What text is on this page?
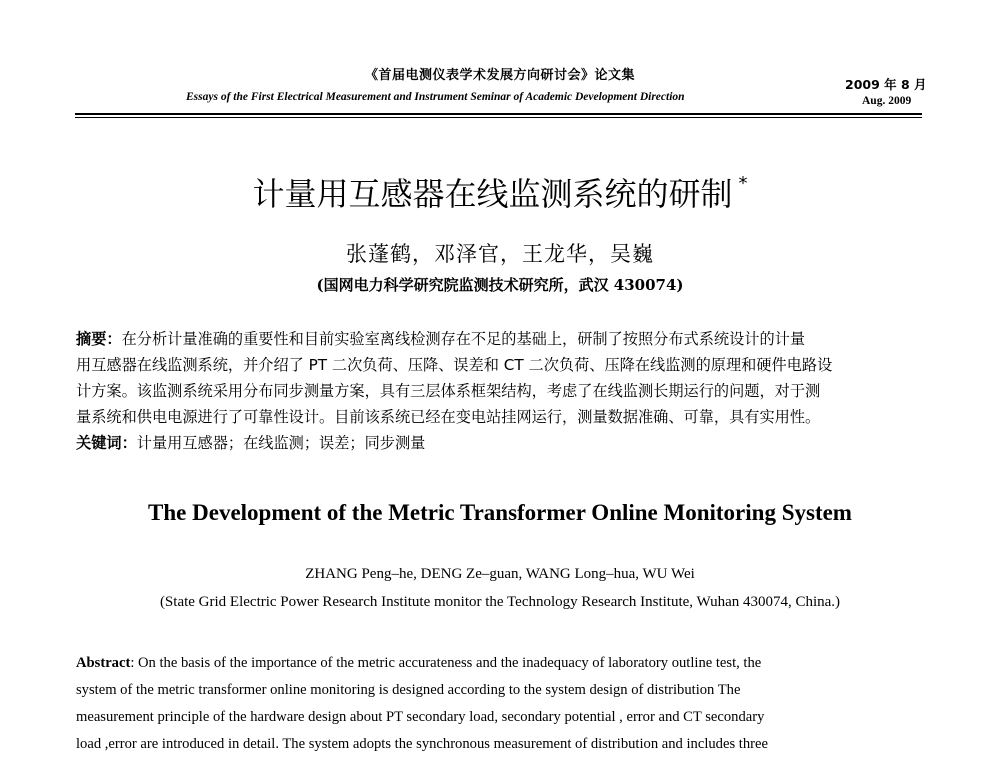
《首届电测仪表学术发展方向研讨会》论文集
Essays of the First Electrical Measurement and Instrument Seminar of Academic Development Direction
2009 年 8 月
Aug. 2009
计量用互感器在线监测系统的研制 *
张蓬鹤，邓泽官，王龙华，吴巍
(国网电力科学研究院监测技术研究所，武汉 430074)
摘要：在分析计量准确的重要性和目前实验室离线检测存在不足的基础上，研制了按照分布式系统设计的计量
用互感器在线监测系统，并介绍了 PT 二次负荷、压降、误差和 CT 二次负荷、压降在线监测的原理和硬件电路设
计方案。该监测系统采用分布同步测量方案，具有三层体系框架结构，考虑了在线监测长期运行的问题，对于测
量系统和供电电源进行了可靠性设计。目前该系统已经在变电站挂网运行，测量数据准确、可靠，具有实用性。
关键词：计量用互感器；在线监测；误差；同步测量
The Development of the Metric Transformer Online Monitoring System
ZHANG Peng–he, DENG Ze–guan, WANG Long–hua, WU Wei
(State Grid Electric Power Research Institute monitor the Technology Research Institute, Wuhan 430074, China.)
Abstract: On the basis of the importance of the metric accurateness and the inadequacy of laboratory outline test, the
system of the metric transformer online monitoring is designed according to the system design of distribution The
measurement principle of the hardware design about PT secondary load, secondary potential , error and CT secondary
load ,error are introduced in detail. The system adopts the synchronous measurement of distribution and includes three
